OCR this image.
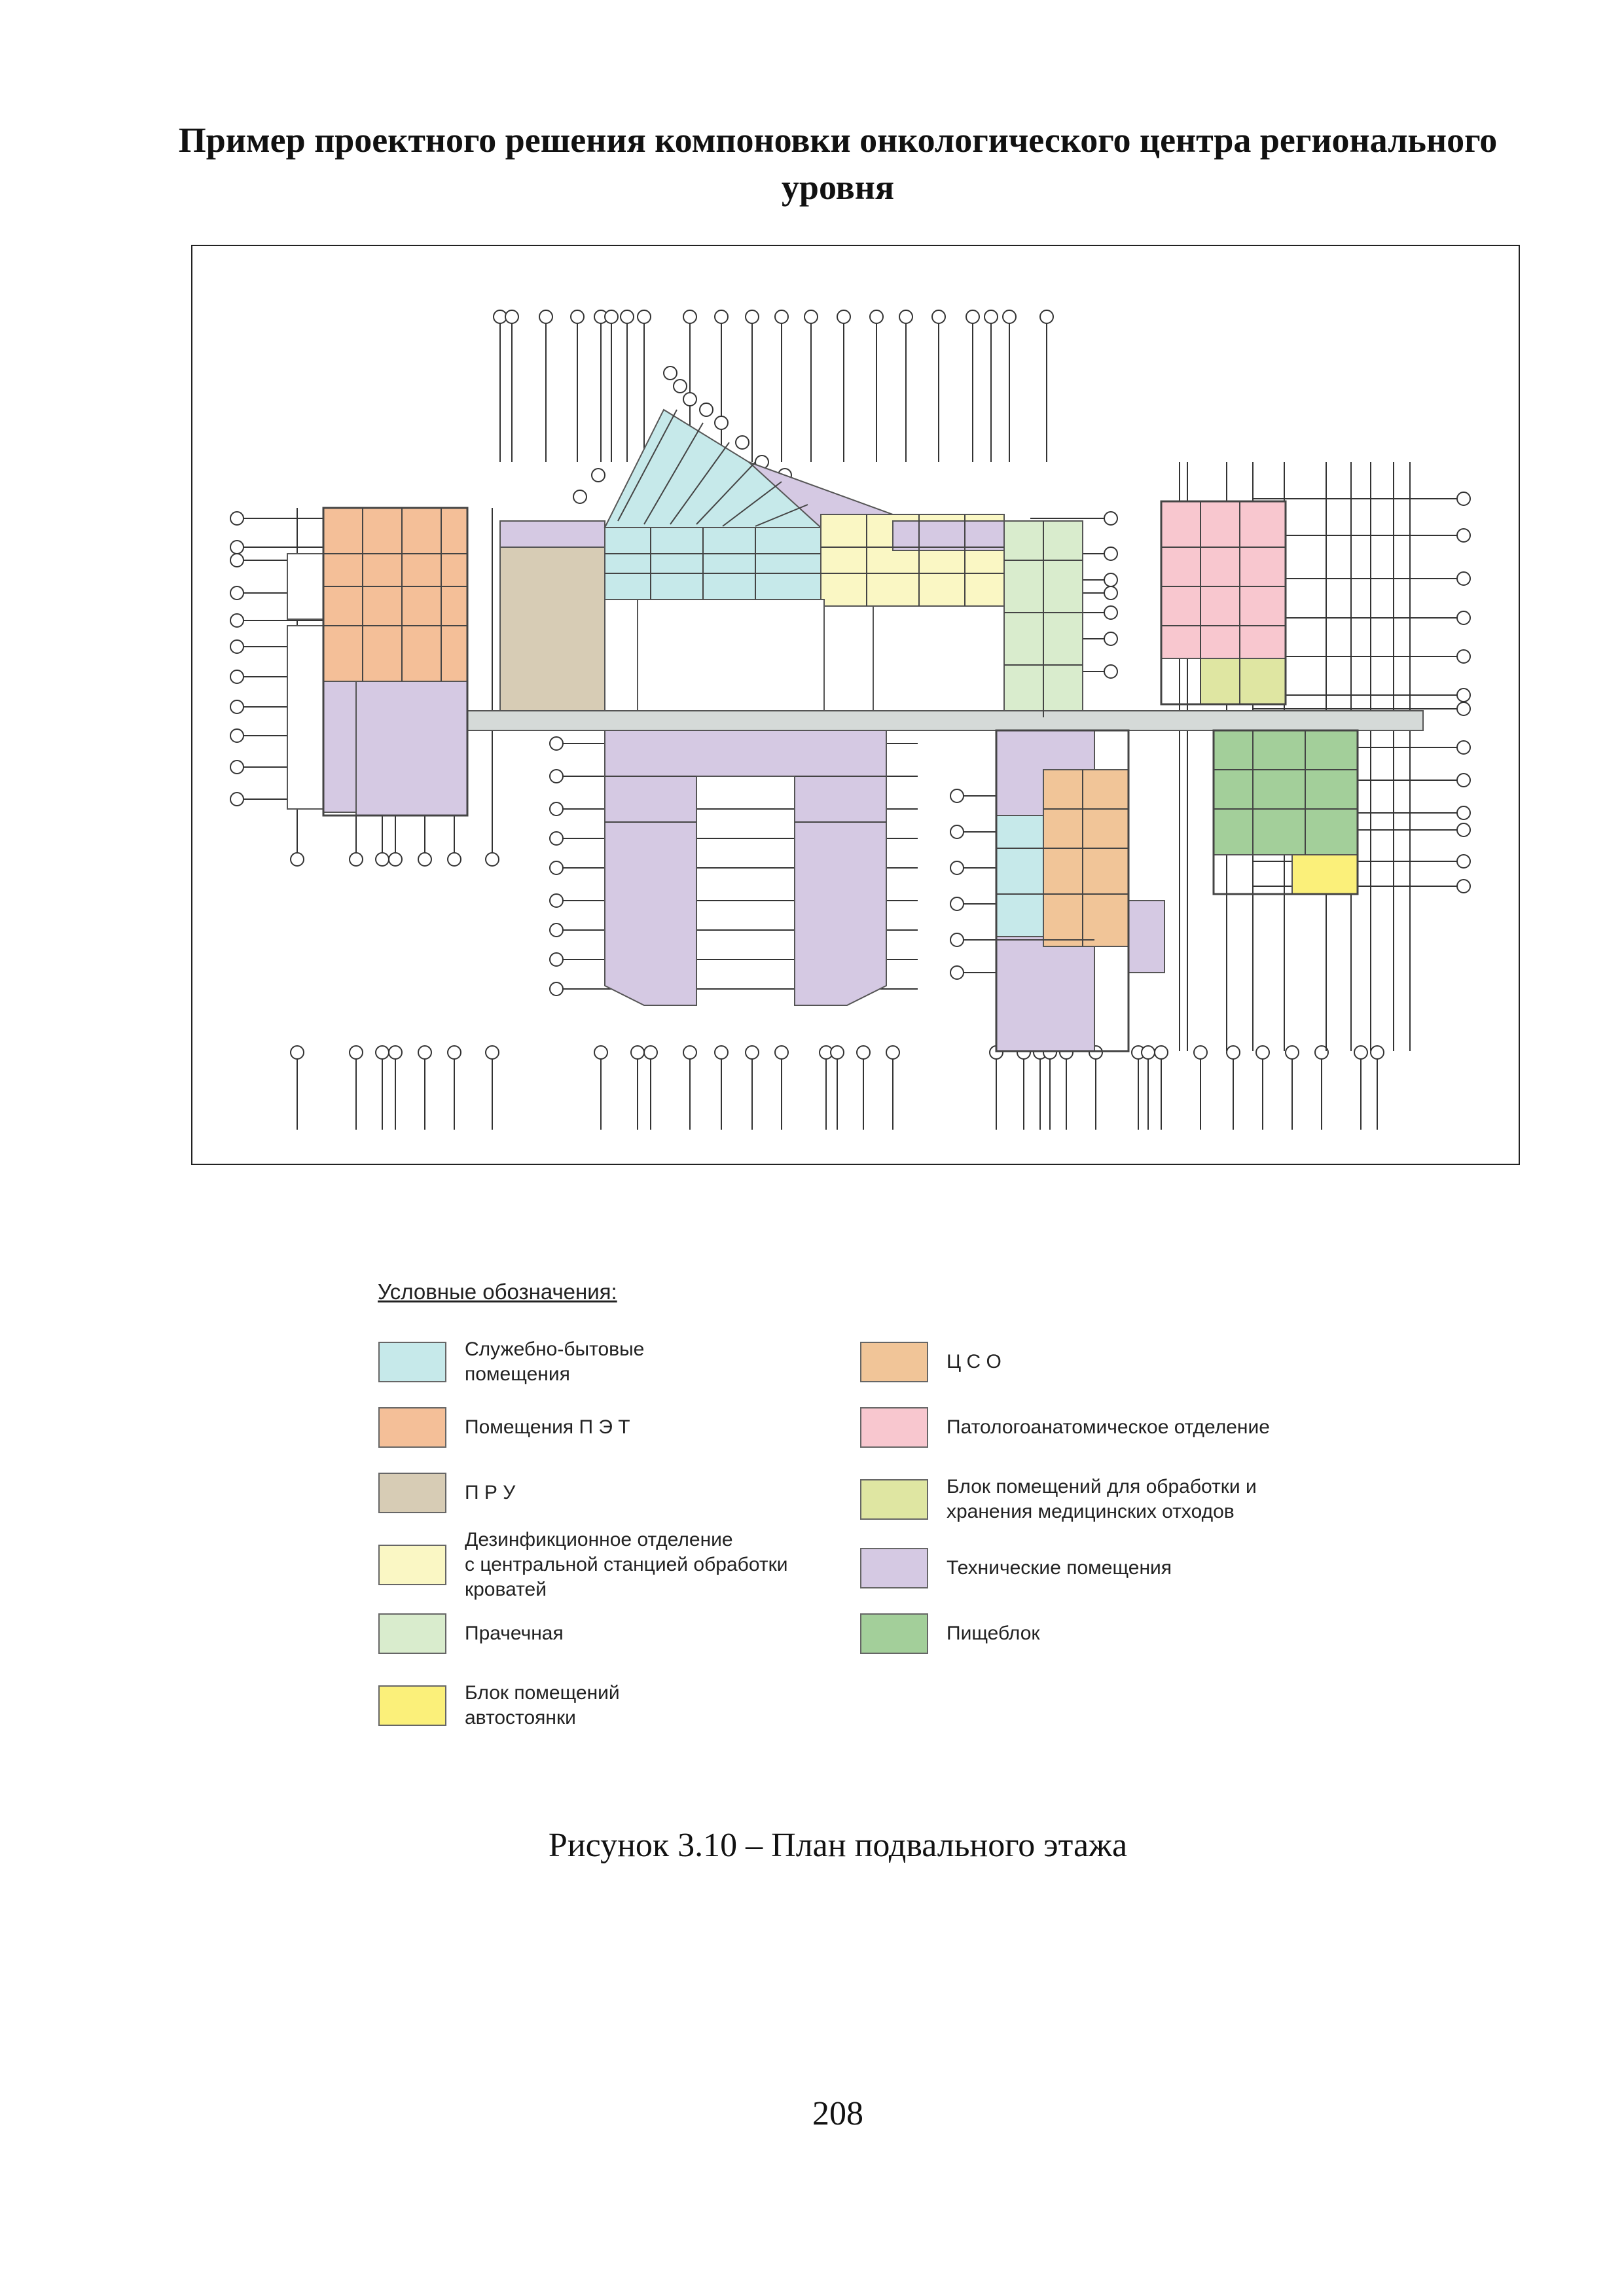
Пример проектного решения компоновки онкологического центра регионального уровня
Условные обозначения:
Служебно-бытовые
помещения
Помещения П Э Т
П Р У
Дезинфикционное отделение
с центральной станцией обработки
кроватей
Прачечная
Блок помещений
автостоянки
Ц С О
Патологоанатомическое отделение
Блок помещений для обработки и
хранения медицинских отходов
Технические помещения
Пищеблок
Рисунок 3.10 – План подвального этажа
208
